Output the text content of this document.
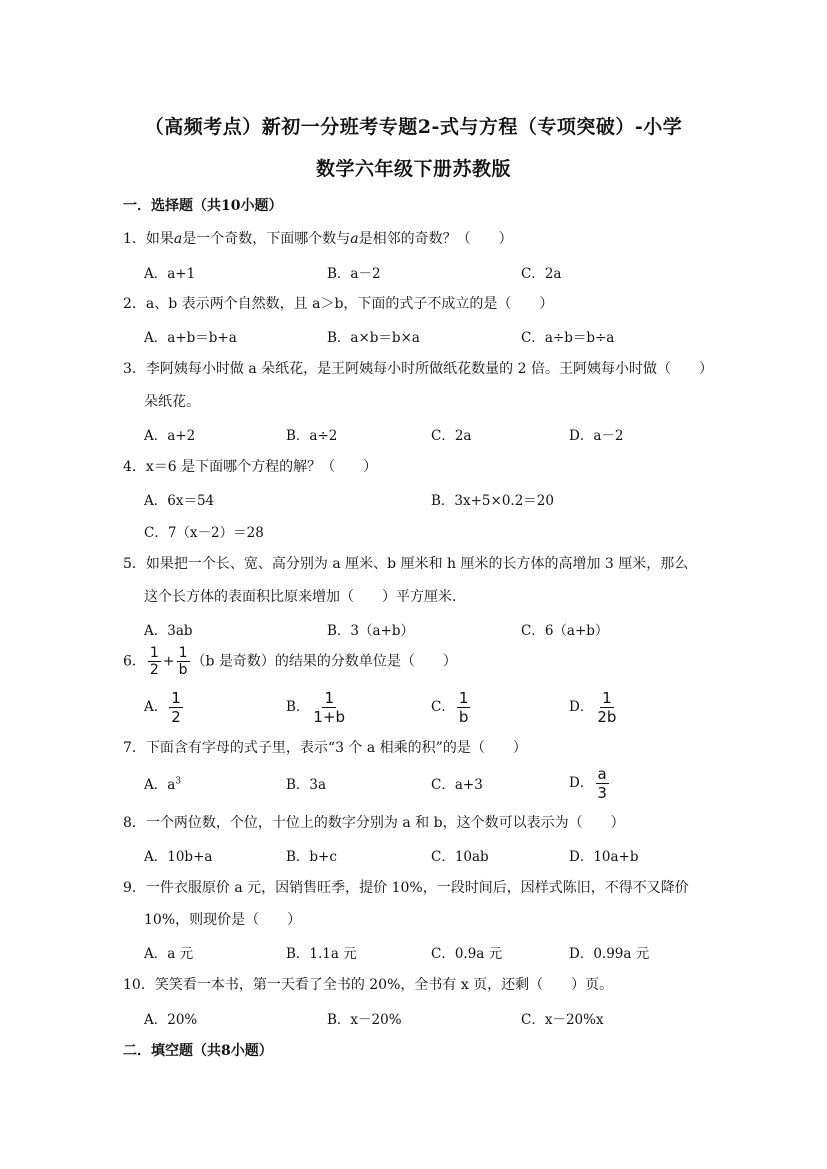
（高频考点）新初一分班考专题2-式与方程（专项突破）-小学
数学六年级下册苏教版
一．选择题（共10小题）
1．如果a是一个奇数，下面哪个数与a是相邻的奇数？（　　）
A．a+1	B．a－2	C．2a
2．a、b 表示两个自然数，且 a＞b，下面的式子不成立的是（　　）
A．a+b＝b+a	B．a×b＝b×a	C．a÷b＝b÷a
3．李阿姨每小时做 a 朵纸花，是王阿姨每小时所做纸花数量的 2 倍。王阿姨每小时做（　　）
朵纸花。
A．a+2	B．a÷2	C．2a	D．a－2
4．x＝6 是下面哪个方程的解？（　　）
A．6x＝54	B．3x+5×0.2＝20
C．7（x－2）＝28
5．如果把一个长、宽、高分别为 a 厘米、b 厘米和 h 厘米的长方体的高增加 3 厘米，那么
这个长方体的表面积比原来增加（　　）平方厘米．
A．3ab	B．3（a+b）	C．6（a+b）
6． $\frac{1}{2} + \frac{1}{b} (b$ 是奇数）的结果的分数单位是（　　）
A． $\frac{1}{2}$	B． $\frac{1}{1+b}$	C． $\frac{1}{b}$	D． $\frac{1}{2b}$
7．下面含有字母的式子里，表示“3 个 a 相乘的积”的是（　　）
A．$a^3$	B．3a	C．a+3	D． $\frac{a}{3}$
8．一个两位数，个位，十位上的数字分别为 a 和 b，这个数可以表示为（　　）
A．10b+a	B．b+c	C．10ab	D．10a+b
9．一件衣服原价 a 元，因销售旺季，提价 10%，一段时间后，因样式陈旧，不得不又降价
10%，则现价是（　　）
A．a 元	B．1.1a 元	C．0.9a 元	D．0.99a 元
10．笑笑看一本书，第一天看了全书的 20%，全书有 x 页，还剩（　　）页。
A．20%	B．x－20%	C．x－20%x
二．填空题（共8小题）
